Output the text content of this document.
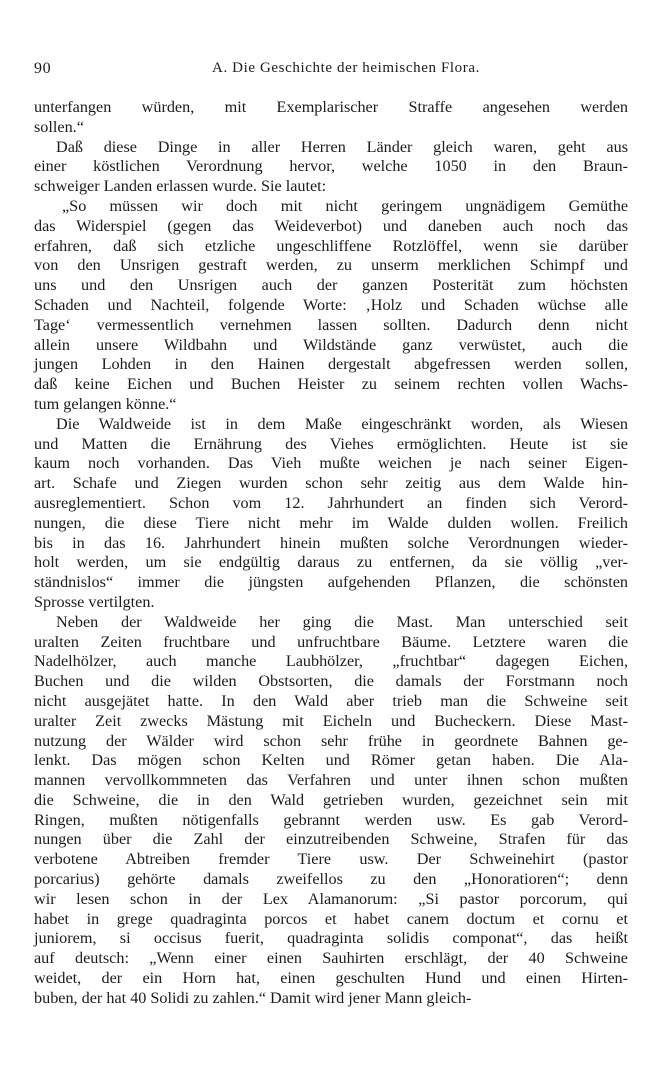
90	A. Die Geschichte der heimischen Flora.
unterfangen würden, mit Exemplarischer Straffe angesehen werden
sollen.“
Daß diese Dinge in aller Herren Länder gleich waren, geht aus
einer köstlichen Verordnung hervor, welche 1050 in den Braun-
schweiger Landen erlassen wurde. Sie lautet:
„So müssen wir doch mit nicht geringem ungnädigem Gemüthe
das Widerspiel (gegen das Weideverbot) und daneben auch noch das
erfahren, daß sich etzliche ungeschliffene Rotzlöffel, wenn sie darüber
von den Unsrigen gestraft werden, zu unserm merklichen Schimpf und
uns und den Unsrigen auch der ganzen Posterität zum höchsten
Schaden und Nachteil, folgende Worte: ‚Holz und Schaden wüchse alle
Tage‘ vermessentlich vernehmen lassen sollten. Dadurch denn nicht
allein unsere Wildbahn und Wildstände ganz verwüstet, auch die
jungen Lohden in den Hainen dergestalt abgefressen werden sollen,
daß keine Eichen und Buchen Heister zu seinem rechten vollen Wachs-
tum gelangen könne.“
Die Waldweide ist in dem Maße eingeschränkt worden, als Wiesen
und Matten die Ernährung des Viehes ermöglichten. Heute ist sie
kaum noch vorhanden. Das Vieh mußte weichen je nach seiner Eigen-
art. Schafe und Ziegen wurden schon sehr zeitig aus dem Walde hin-
ausreglementiert. Schon vom 12. Jahrhundert an finden sich Verord-
nungen, die diese Tiere nicht mehr im Walde dulden wollen. Freilich
bis in das 16. Jahrhundert hinein mußten solche Verordnungen wieder-
holt werden, um sie endgültig daraus zu entfernen, da sie völlig „ver-
ständnislos“ immer die jüngsten aufgehenden Pflanzen, die schönsten
Sprosse vertilgten.
Neben der Waldweide her ging die Mast. Man unterschied seit
uralten Zeiten fruchtbare und unfruchtbare Bäume. Letztere waren die
Nadelhölzer, auch manche Laubhölzer, „fruchtbar“ dagegen Eichen,
Buchen und die wilden Obstsorten, die damals der Forstmann noch
nicht ausgejätet hatte. In den Wald aber trieb man die Schweine seit
uralter Zeit zwecks Mästung mit Eicheln und Bucheckern. Diese Mast-
nutzung der Wälder wird schon sehr frühe in geordnete Bahnen ge-
lenkt. Das mögen schon Kelten und Römer getan haben. Die Ala-
mannen vervollkommneten das Verfahren und unter ihnen schon mußten
die Schweine, die in den Wald getrieben wurden, gezeichnet sein mit
Ringen, mußten nötigenfalls gebrannt werden usw. Es gab Verord-
nungen über die Zahl der einzutreibenden Schweine, Strafen für das
verbotene Abtreiben fremder Tiere usw. Der Schweinehirt (pastor
porcarius) gehörte damals zweifellos zu den „Honoratioren“; denn
wir lesen schon in der Lex Alamanorum: „Si pastor porcorum, qui
habet in grege quadraginta porcos et habet canem doctum et cornu et
juniorem, si occisus fuerit, quadraginta solidis componat“, das heißt
auf deutsch: „Wenn einer einen Sauhirten erschlägt, der 40 Schweine
weidet, der ein Horn hat, einen geschulten Hund und einen Hirten-
buben, der hat 40 Solidi zu zahlen.“ Damit wird jener Mann gleich-
